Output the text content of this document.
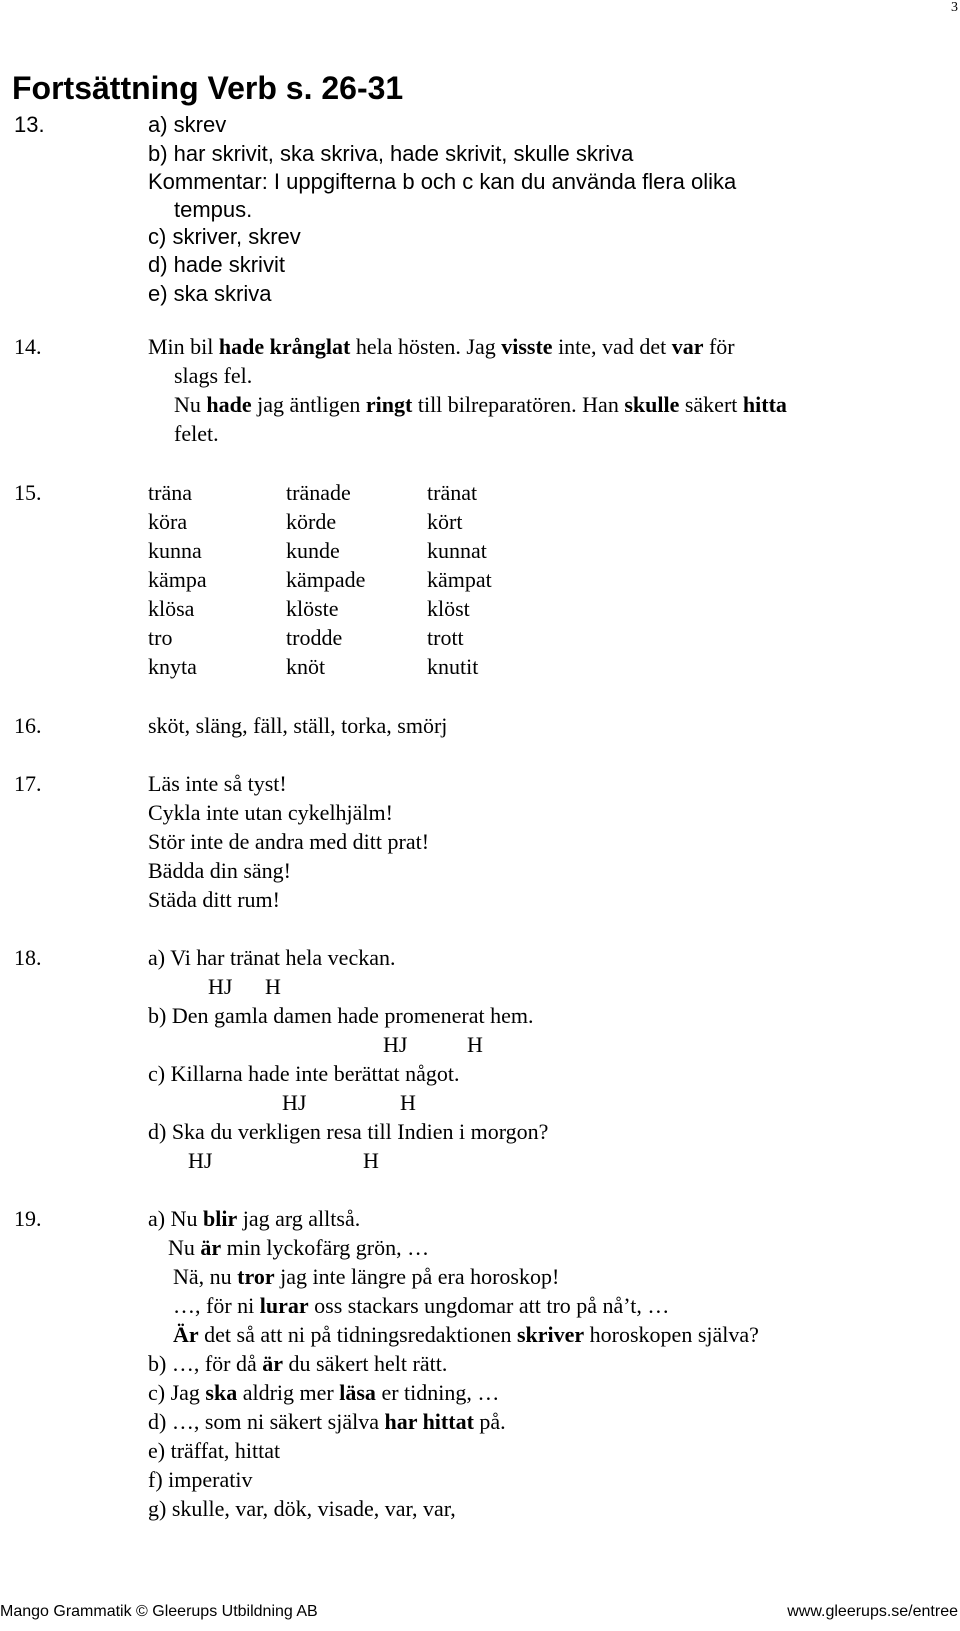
3
Fortsättning Verb s. 26-31
13.	a) skrev
b) har skrivit, ska skriva, hade skrivit, skulle skriva
Kommentar: I uppgifterna b och c kan du använda flera olika
tempus.
c) skriver, skrev
d) hade skrivit
e) ska skriva
14.	Min bil hade krånglat hela hösten. Jag visste inte, vad det var för
slags fel.
Nu hade jag äntligen ringt till bilreparatören. Han skulle säkert hitta
felet.
15.	träna	tränade	tränat
köra	körde	kört
kunna	kunde	kunnat
kämpa	kämpade	kämpat
klösa	klöste	klöst
tro	trodde	trott
knyta	knöt	knutit
16.	sköt, släng, fäll, ställ, torka, smörj
17.	Läs inte så tyst!
Cykla inte utan cykelhjälm!
Stör inte de andra med ditt prat!
Bädda din säng!
Städa ditt rum!
18.	a) Vi har tränat hela veckan.
HJ H
b) Den gamla damen hade promenerat hem.
HJ	H
c) Killarna hade inte berättat något.
HJ	H
d) Ska du verkligen resa till Indien i morgon?
HJ	H
19.	a) Nu blir jag arg alltså.
Nu är min lyckofärg grön, …
Nä, nu tror jag inte längre på era horoskop!
…, för ni lurar oss stackars ungdomar att tro på nå’t, …
Är det så att ni på tidningsredaktionen skriver horoskopen själva?
b) …, för då är du säkert helt rätt.
c) Jag ska aldrig mer läsa er tidning, …
d) …, som ni säkert själva har hittat på.
e) träffat, hittat
f) imperativ
g) skulle, var, dök, visade, var, var,
Mango Grammatik © Gleerups Utbildning AB	www.gleerups.se/entree
